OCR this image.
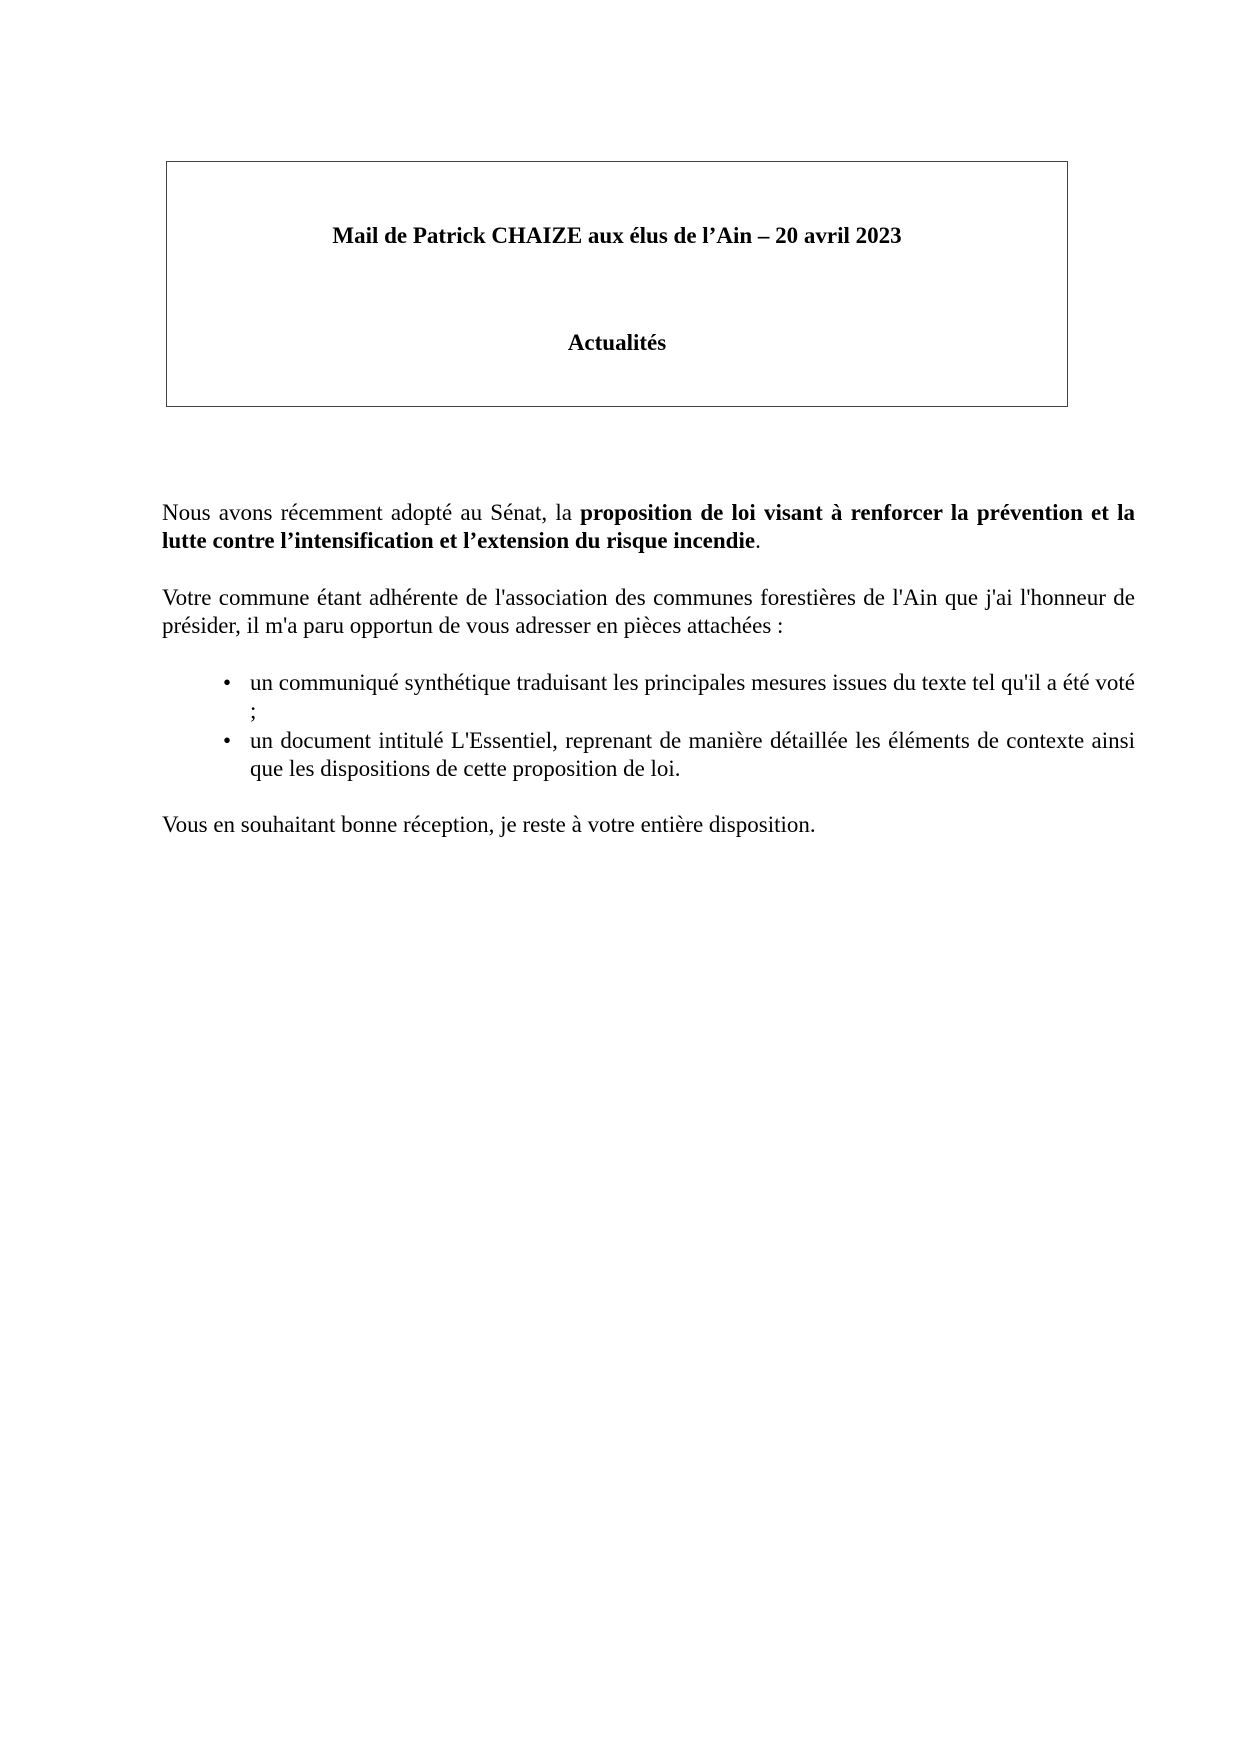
Mail de Patrick CHAIZE aux élus de l’Ain – 20 avril 2023
Actualités
Nous avons récemment adopté au Sénat, la proposition de loi visant à renforcer la prévention et la lutte contre l’intensification et l’extension du risque incendie.
Votre commune étant adhérente de l'association des communes forestières de l'Ain que j'ai l'honneur de présider, il m'a paru opportun de vous adresser en pièces attachées :
• un communiqué synthétique traduisant les principales mesures issues du texte tel qu'il a été voté ;
• un document intitulé L'Essentiel, reprenant de manière détaillée les éléments de contexte ainsi que les dispositions de cette proposition de loi.
Vous en souhaitant bonne réception, je reste à votre entière disposition.
